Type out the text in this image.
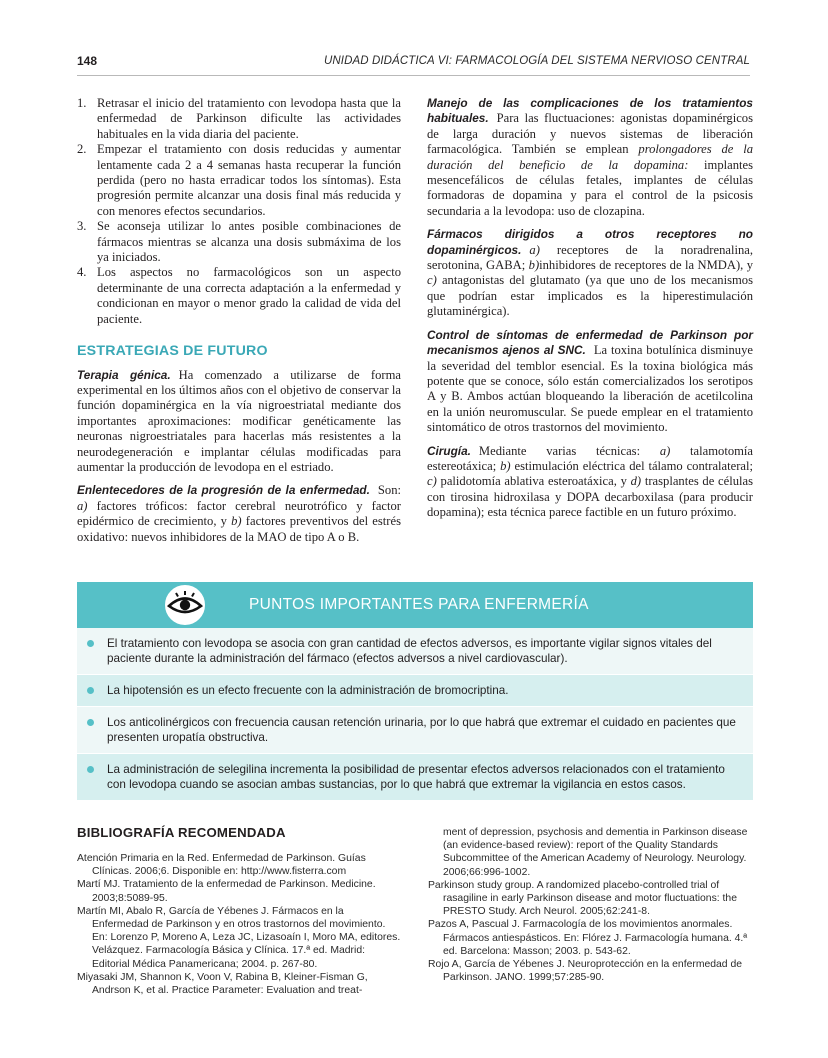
148	UNIDAD DIDÁCTICA VI: FARMACOLOGÍA DEL SISTEMA NERVIOSO CENTRAL
1. Retrasar el inicio del tratamiento con levodopa hasta que la enfermedad de Parkinson dificulte las actividades habituales en la vida diaria del paciente.
2. Empezar el tratamiento con dosis reducidas y aumentar lentamente cada 2 a 4 semanas hasta recuperar la función perdida (pero no hasta erradicar todos los síntomas). Esta progresión permite alcanzar una dosis final más reducida y con menores efectos secundarios.
3. Se aconseja utilizar lo antes posible combinaciones de fármacos mientras se alcanza una dosis submáxima de los ya iniciados.
4. Los aspectos no farmacológicos son un aspecto determinante de una correcta adaptación a la enfermedad y condicionan en mayor o menor grado la calidad de vida del paciente.
ESTRATEGIAS DE FUTURO

Terapia génica. Ha comenzado a utilizarse de forma experimental en los últimos años con el objetivo de conservar la función dopaminérgica en la vía nigroestriatal mediante dos importantes aproximaciones: modificar genéticamente las neuronas nigroestriatales para hacerlas más resistentes a la neurodegeneración e implantar células modificadas para aumentar la producción de levodopa en el estriado.

Enlentecedores de la progresión de la enfermedad. Son: a) factores tróficos: factor cerebral neurotrófico y factor epidérmico de crecimiento, y b) factores preventivos del estrés oxidativo: nuevos inhibidores de la MAO de tipo A o B.

Manejo de las complicaciones de los tratamientos habituales. Para las fluctuaciones: agonistas dopaminérgicos de larga duración y nuevos sistemas de liberación farmacológica. También se emplean prolongadores de la duración del beneficio de la dopamina: implantes mesencefálicos de células fetales, implantes de células formadoras de dopamina y para el control de la psicosis secundaria a la levodopa: uso de clozapina.

Fármacos dirigidos a otros receptores no dopaminérgicos. a) receptores de la noradrenalina, serotonina, GABA; b)inhibidores de receptores de la NMDA), y c) antagonistas del glutamato (ya que uno de los mecanismos que podrían estar implicados es la hiperestimulación glutaminérgica).

Control de síntomas de enfermedad de Parkinson por mecanismos ajenos al SNC. La toxina botulínica disminuye la severidad del temblor esencial. Es la toxina biológica más potente que se conoce, sólo están comercializados los serotipos A y B. Ambos actúan bloqueando la liberación de acetilcolina en la unión neuromuscular. Se puede emplear en el tratamiento sintomático de otros trastornos del movimiento.

Cirugía. Mediante varias técnicas: a) talamotomía estereotáxica; b) estimulación eléctrica del tálamo contralateral; c) palidotomía ablativa esteroatáxica, y d) trasplantes de células con tirosina hidroxilasa y DOPA decarboxilasa (para producir dopamina); esta técnica parece factible en un futuro próximo.

PUNTOS IMPORTANTES PARA ENFERMERÍA
El tratamiento con levodopa se asocia con gran cantidad de efectos adversos, es importante vigilar signos vitales del paciente durante la administración del fármaco (efectos adversos a nivel cardiovascular).
La hipotensión es un efecto frecuente con la administración de bromocriptina.
Los anticolinérgicos con frecuencia causan retención urinaria, por lo que habrá que extremar el cuidado en pacientes que presenten uropatía obstructiva.
La administración de selegilina incrementa la posibilidad de presentar efectos adversos relacionados con el tratamiento con levodopa cuando se asocian ambas sustancias, por lo que habrá que extremar la vigilancia en estos casos.
BIBLIOGRAFÍA RECOMENDADA
Atención Primaria en la Red. Enfermedad de Parkinson. Guías Clínicas. 2006;6. Disponible en: http://www.fisterra.com
Martí MJ. Tratamiento de la enfermedad de Parkinson. Medicine. 2003;8:5089-95.
Martín MI, Abalo R, García de Yébenes J. Fármacos en la Enfermedad de Parkinson y en otros trastornos del movimiento. En: Lorenzo P, Moreno A, Leza JC, Lizasoaín I, Moro MA, editores. Velázquez. Farmacología Básica y Clínica. 17.ª ed. Madrid: Editorial Médica Panamericana; 2004. p. 267-80.
Miyasaki JM, Shannon K, Voon V, Rabina B, Kleiner-Fisman G, Andrson K, et al. Practice Parameter: Evaluation and treat-
ment of depression, psychosis and dementia in Parkinson disease (an evidence-based review): report of the Quality Standards Subcommittee of the American Academy of Neurology. Neurology. 2006;66:996-1002.
Parkinson study group. A randomized placebo-controlled trial of rasagiline in early Parkinson disease and motor fluctuations: the PRESTO Study. Arch Neurol. 2005;62:241-8.
Pazos A, Pascual J. Farmacología de los movimientos anormales. Fármacos antiespásticos. En: Flórez J. Farmacología humana. 4.ª ed. Barcelona: Masson; 2003. p. 543-62.
Rojo A, García de Yébenes J. Neuroprotección en la enfermedad de Parkinson. JANO. 1999;57:285-90.
